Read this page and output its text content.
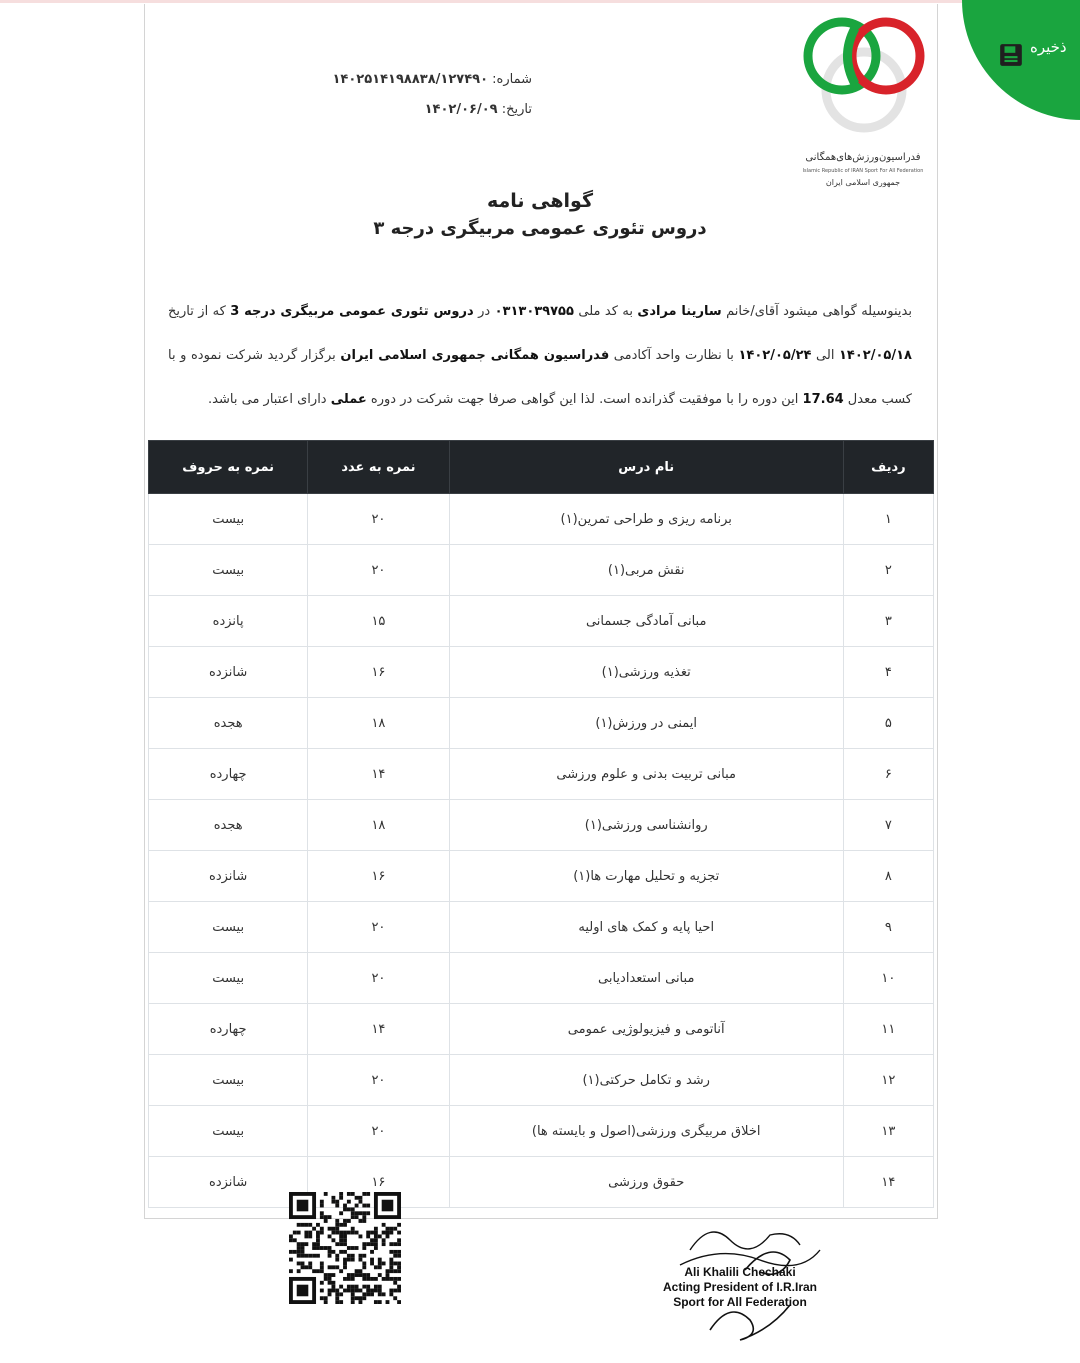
ذخیره
فدراسیون‌ورزش‌های‌همگانی
Islamic Republic of IRAN Sport For All Federation
جمهوری اسلامی ایران
شماره: ۱۴۰۲۵۱۴۱۹۸۸۳۸/۱۲۷۴۹۰
تاریخ: ۱۴۰۲/۰۶/۰۹
گواهی نامه
دروس تئوری عمومی مربیگری درجه ۳
بدینوسیله گواهی میشود آقای/خانم سارینا مرادی به کد ملی ۰۳۱۳۰۳۹۷۵۵ در دروس تئوری عمومی مربیگری درجه 3 که از تاریخ ۱۴۰۲/۰۵/۱۸ الی ۱۴۰۲/۰۵/۲۴ با نظارت واحد آکادمی فدراسیون همگانی جمهوری اسلامی ایران برگزار گردید شرکت نموده و با کسب معدل 17.64 این دوره را با موفقیت گذرانده است. لذا این گواهی صرفا جهت شرکت در دوره عملی دارای اعتبار می باشد.
ردیف	نام درس	نمره به عدد	نمره به حروف
۱	برنامه ریزی و طراحی تمرین(۱)	۲۰	بیست
۲	نقش مربی(۱)	۲۰	بیست
۳	مبانی آمادگی جسمانی	۱۵	پانزده
۴	تغذیه ورزشی(۱)	۱۶	شانزده
۵	ایمنی در ورزش(۱)	۱۸	هجده
۶	مبانی تربیت بدنی و علوم ورزشی	۱۴	چهارده
۷	روانشناسی ورزشی(۱)	۱۸	هجده
۸	تجزیه و تحلیل مهارت ها(۱)	۱۶	شانزده
۹	احیا پایه و کمک های اولیه	۲۰	بیست
۱۰	مبانی استعدادیابی	۲۰	بیست
۱۱	آناتومی و فیزیولوژیی عمومی	۱۴	چهارده
۱۲	رشد و تکامل حرکتی(۱)	۲۰	بیست
۱۳	اخلاق مربیگری ورزشی(اصول و بایسته ها)	۲۰	بیست
۱۴	حقوق ورزشی	۱۶	شانزده
Ali Khalili Chechaki
Acting President of I.R.Iran
Sport for All Federation
